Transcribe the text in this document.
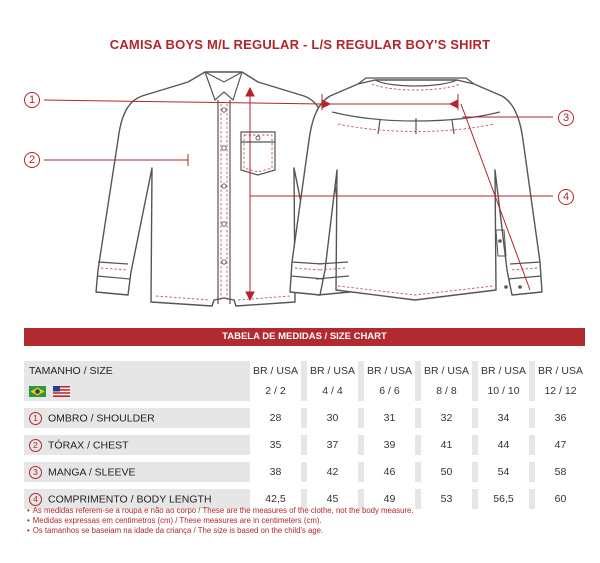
CAMISA BOYS M/L REGULAR - L/S REGULAR BOY'S SHIRT
1
2
3
4
TABELA DE MEDIDAS / SIZE CHART
TAMANHO / SIZE		BR / USA		BR / USA		BR / USA		BR / USA		BR / USA		BR / USA
		2 / 2		4 / 4		6 / 6		8 / 8		10 / 10		12 / 12

1 OMBRO / SHOULDER		28		30		31		32		34		36

2 TÓRAX / CHEST		35		37		39		41		44		47

3 MANGA / SLEEVE		38		42		46		50		54		58

4 COMPRIMENTO / BODY LENGTH		42,5		45		49		53		56,5		60
• As medidas referem-se a roupa e não ao corpo / These are the measures of the clothe, not the body measure.
• Medidas expressas em centimetros (cm) / These measures are in centimeters (cm).
• Os tamanhos se baseiam na idade da criança / The size is based on the child's age.
